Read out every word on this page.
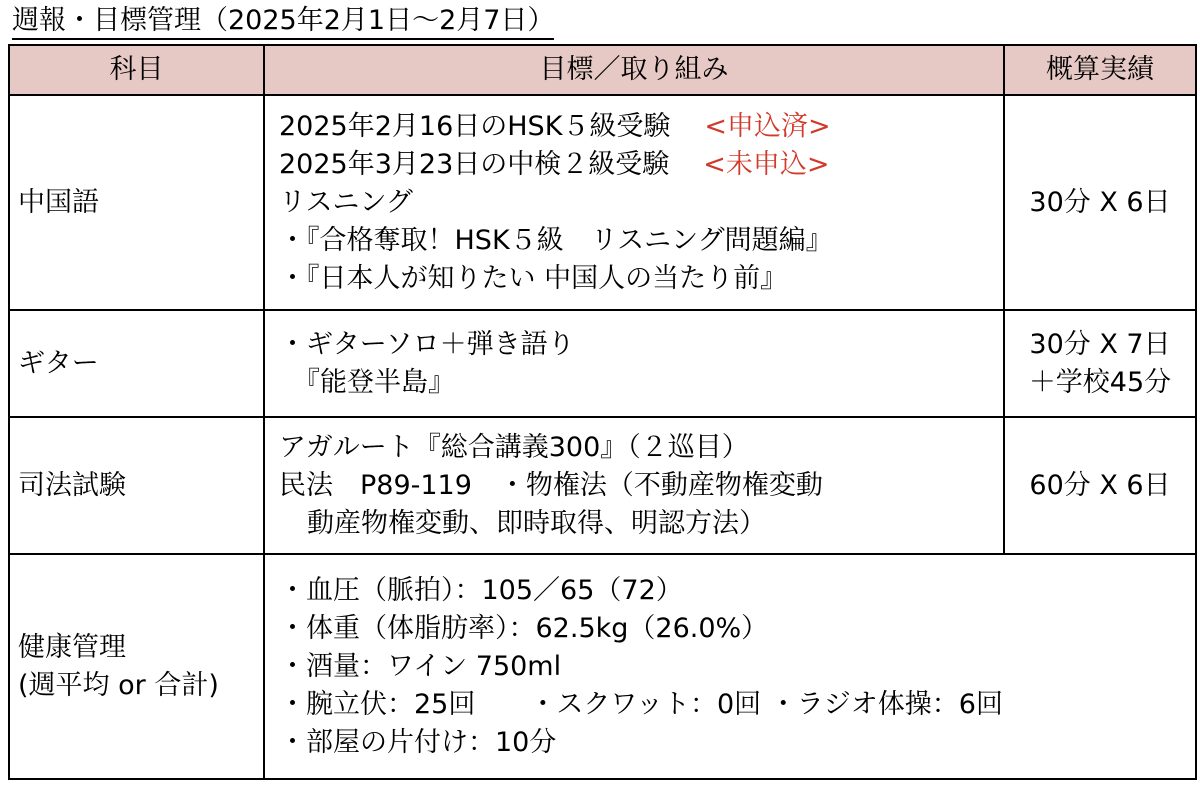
週報・目標管理（2025年2月1日〜2月7日）
科目	目標／取り組み	概算実績
中国語	2025年2月16日のHSK５級受験 <申込済>
2025年3月23日の中検２級受験 <未申込>
リスニング
・『合格奪取！HSK５級　リスニング問題編』
・『日本人が知りたい 中国人の当たり前』	30分 X 6日

ギター	・ギターソロ＋弾き語り
『能登半島』	30分 X 7日
＋学校45分

司法試験	アガルート『総合講義300』（２巡目）
民法　P89-119　・物権法（不動産物権変動
動産物権変動、即時取得、明認方法）	60分 X 6日

健康管理
(週平均 or 合計)	・血圧（脈拍）：105／65（72）
・体重（体脂肪率）：62.5kg（26.0%）
・酒量：ワイン 750ml
・腕立伏：25回　　・スクワット：0回 ・ラジオ体操：6回
・部屋の片付け：10分	
